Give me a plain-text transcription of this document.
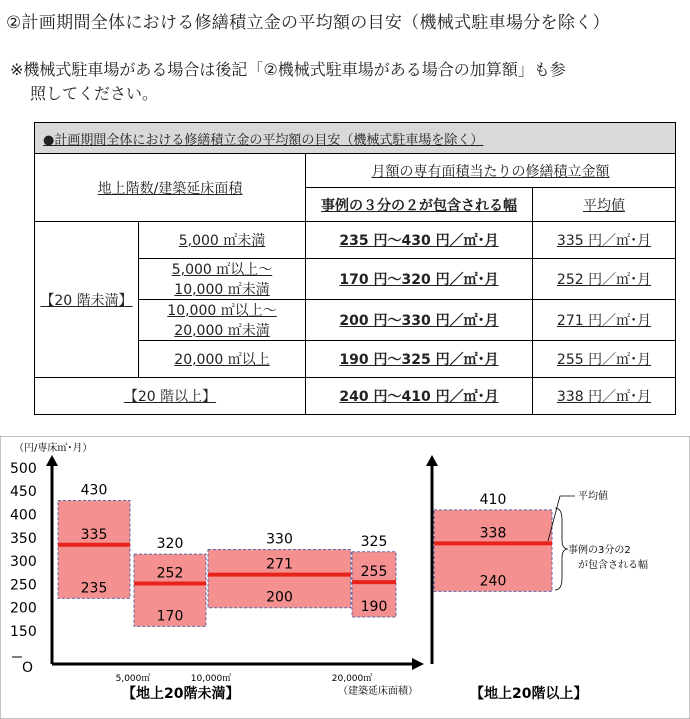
②計画期間全体における修繕積立金の平均額の目安（機械式駐車場分を除く）
※機械式駐車場がある場合は後記「②機械式駐車場がある場合の加算額」も参
照してください。
●計画期間全体における修繕積立金の平均額の目安（機械式駐車場を除く）			
地上階数/建築延床面積		月額の専有面積当たりの修繕積立金額	
		事例の３分の２が包含される幅	平均値
【20 階未満】	5,000 ㎡未満	235 円～430 円／㎡･月	335 円／㎡･月

	5,000 ㎡以上～
10,000 ㎡未満	170 円～320 円／㎡･月	252 円／㎡･月

	10,000 ㎡以上～
20,000 ㎡未満	200 円～330 円／㎡･月	271 円／㎡･月
	20,000 ㎡以上	190 円～325 円／㎡･月	255 円／㎡･月
【20 階以上】		240 円～410 円／㎡･月	338 円／㎡･月
（円/専床㎡･月）
150
200
250
300
350
400
450
500
430
335
235
320
252
170
330
271
200
325
255
190
410
338
240
O
5,000㎡	10,000㎡	20,000㎡
（建築延床面積）
【地上20階未満】	【地上20階以上】
平均値
事例の3分の2
が包含される幅
